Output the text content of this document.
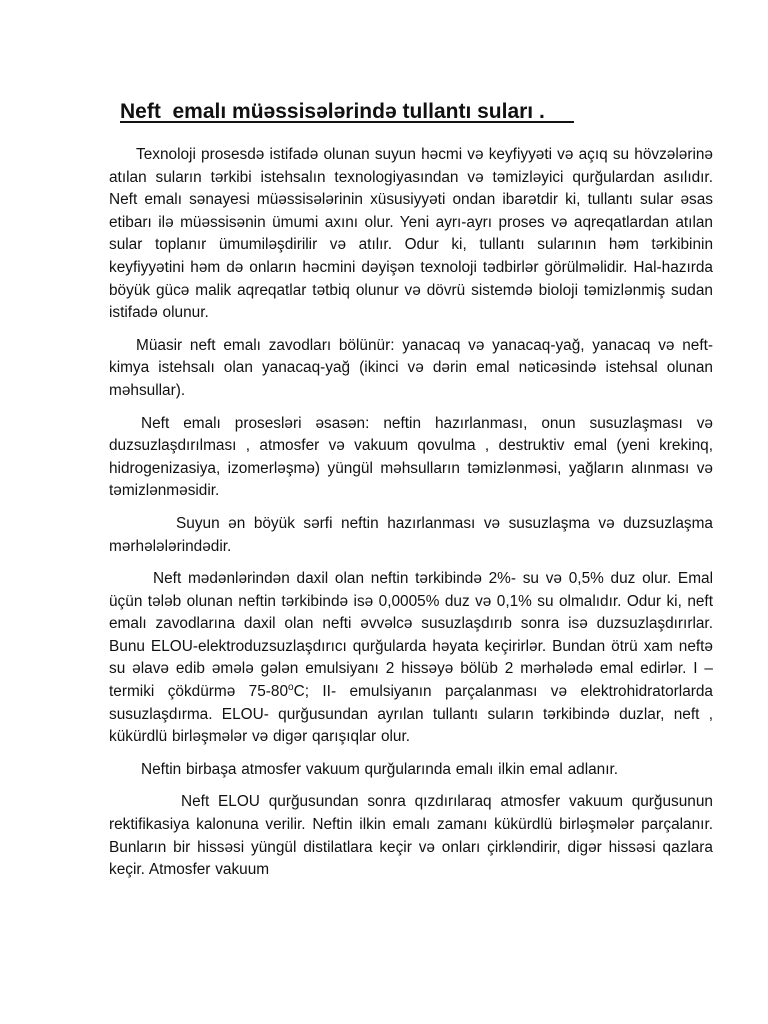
Neft  emalı müəssisələrində tullantı suları .

Texnoloji prosesdə istifadə olunan suyun həcmi və keyfiyyəti və açıq su hövzələrinə atılan suların tərkibi istehsalın texnologiyasından və təmizləyici qurğulardan asılıdır. Neft emalı sənayesi müəssisələrinin xüsusiyyəti ondan ibarətdir ki, tullantı sular əsas etibarı ilə müəssisənin ümumi axını olur. Yeni ayrı-ayrı proses və aqreqatlardan atılan sular toplanır ümumiləşdirilir və atılır. Odur ki, tullantı sularının həm tərkibinin keyfiyyətini həm də onların həcmini dəyişən texnoloji tədbirlər görülməlidir. Hal-hazırda böyük gücə malik aqreqatlar tətbiq olunur və dövrü sistemdə bioloji təmizlənmiş sudan istifadə olunur.

Müasir neft emalı zavodları bölünür: yanacaq və yanacaq-yağ, yanacaq və neft-kimya istehsalı olan yanacaq-yağ (ikinci və dərin emal nəticəsində istehsal olunan məhsullar).

Neft emalı prosesləri əsasən: neftin hazırlanması, onun susuzlaşması və duzsuzlaşdırılması , atmosfer və vakuum qovulma , destruktiv emal (yeni krekinq, hidrogenizasiya, izomerləşmə) yüngül məhsulların təmizlənməsi, yağların alınması və təmizlənməsidir.

Suyun ən böyük sərfi neftin hazırlanması və susuzlaşma və duzsuzlaşma mərhələlərindədir.

Neft mədənlərindən daxil olan neftin tərkibində 2%- su və 0,5% duz olur. Emal üçün tələb olunan neftin tərkibində isə 0,0005% duz və 0,1% su olmalıdır. Odur ki, neft emalı zavodlarına daxil olan nefti əvvəlcə susuzlaşdırıb sonra isə duzsuzlaşdırırlar. Bunu ELOU-elektroduzsuzlaşdırıcı qurğularda həyata keçirirlər. Bundan ötrü xam neftə su əlavə edib əmələ gələn emulsiyanı 2 hissəyə bölüb 2 mərhələdə emal edirlər. I – termiki çökdürmə 75-80$^o$C; II- emulsiyanın parçalanması və elektrohidratorlarda susuzlaşdırma. ELOU- qurğusundan ayrılan tullantı suların tərkibində duzlar, neft , kükürdlü birləşmələr və digər qarışıqlar olur.

Neftin birbaşa atmosfer vakuum qurğularında emalı ilkin emal adlanır.

Neft ELOU qurğusundan sonra qızdırılaraq atmosfer vakuum qurğusunun rektifikasiya kalonuna verilir. Neftin ilkin emalı zamanı kükürdlü birləşmələr parçalanır. Bunların bir hissəsi yüngül distilatlara keçir və onları çirkləndirir, digər hissəsi qazlara keçir. Atmosfer vakuum
